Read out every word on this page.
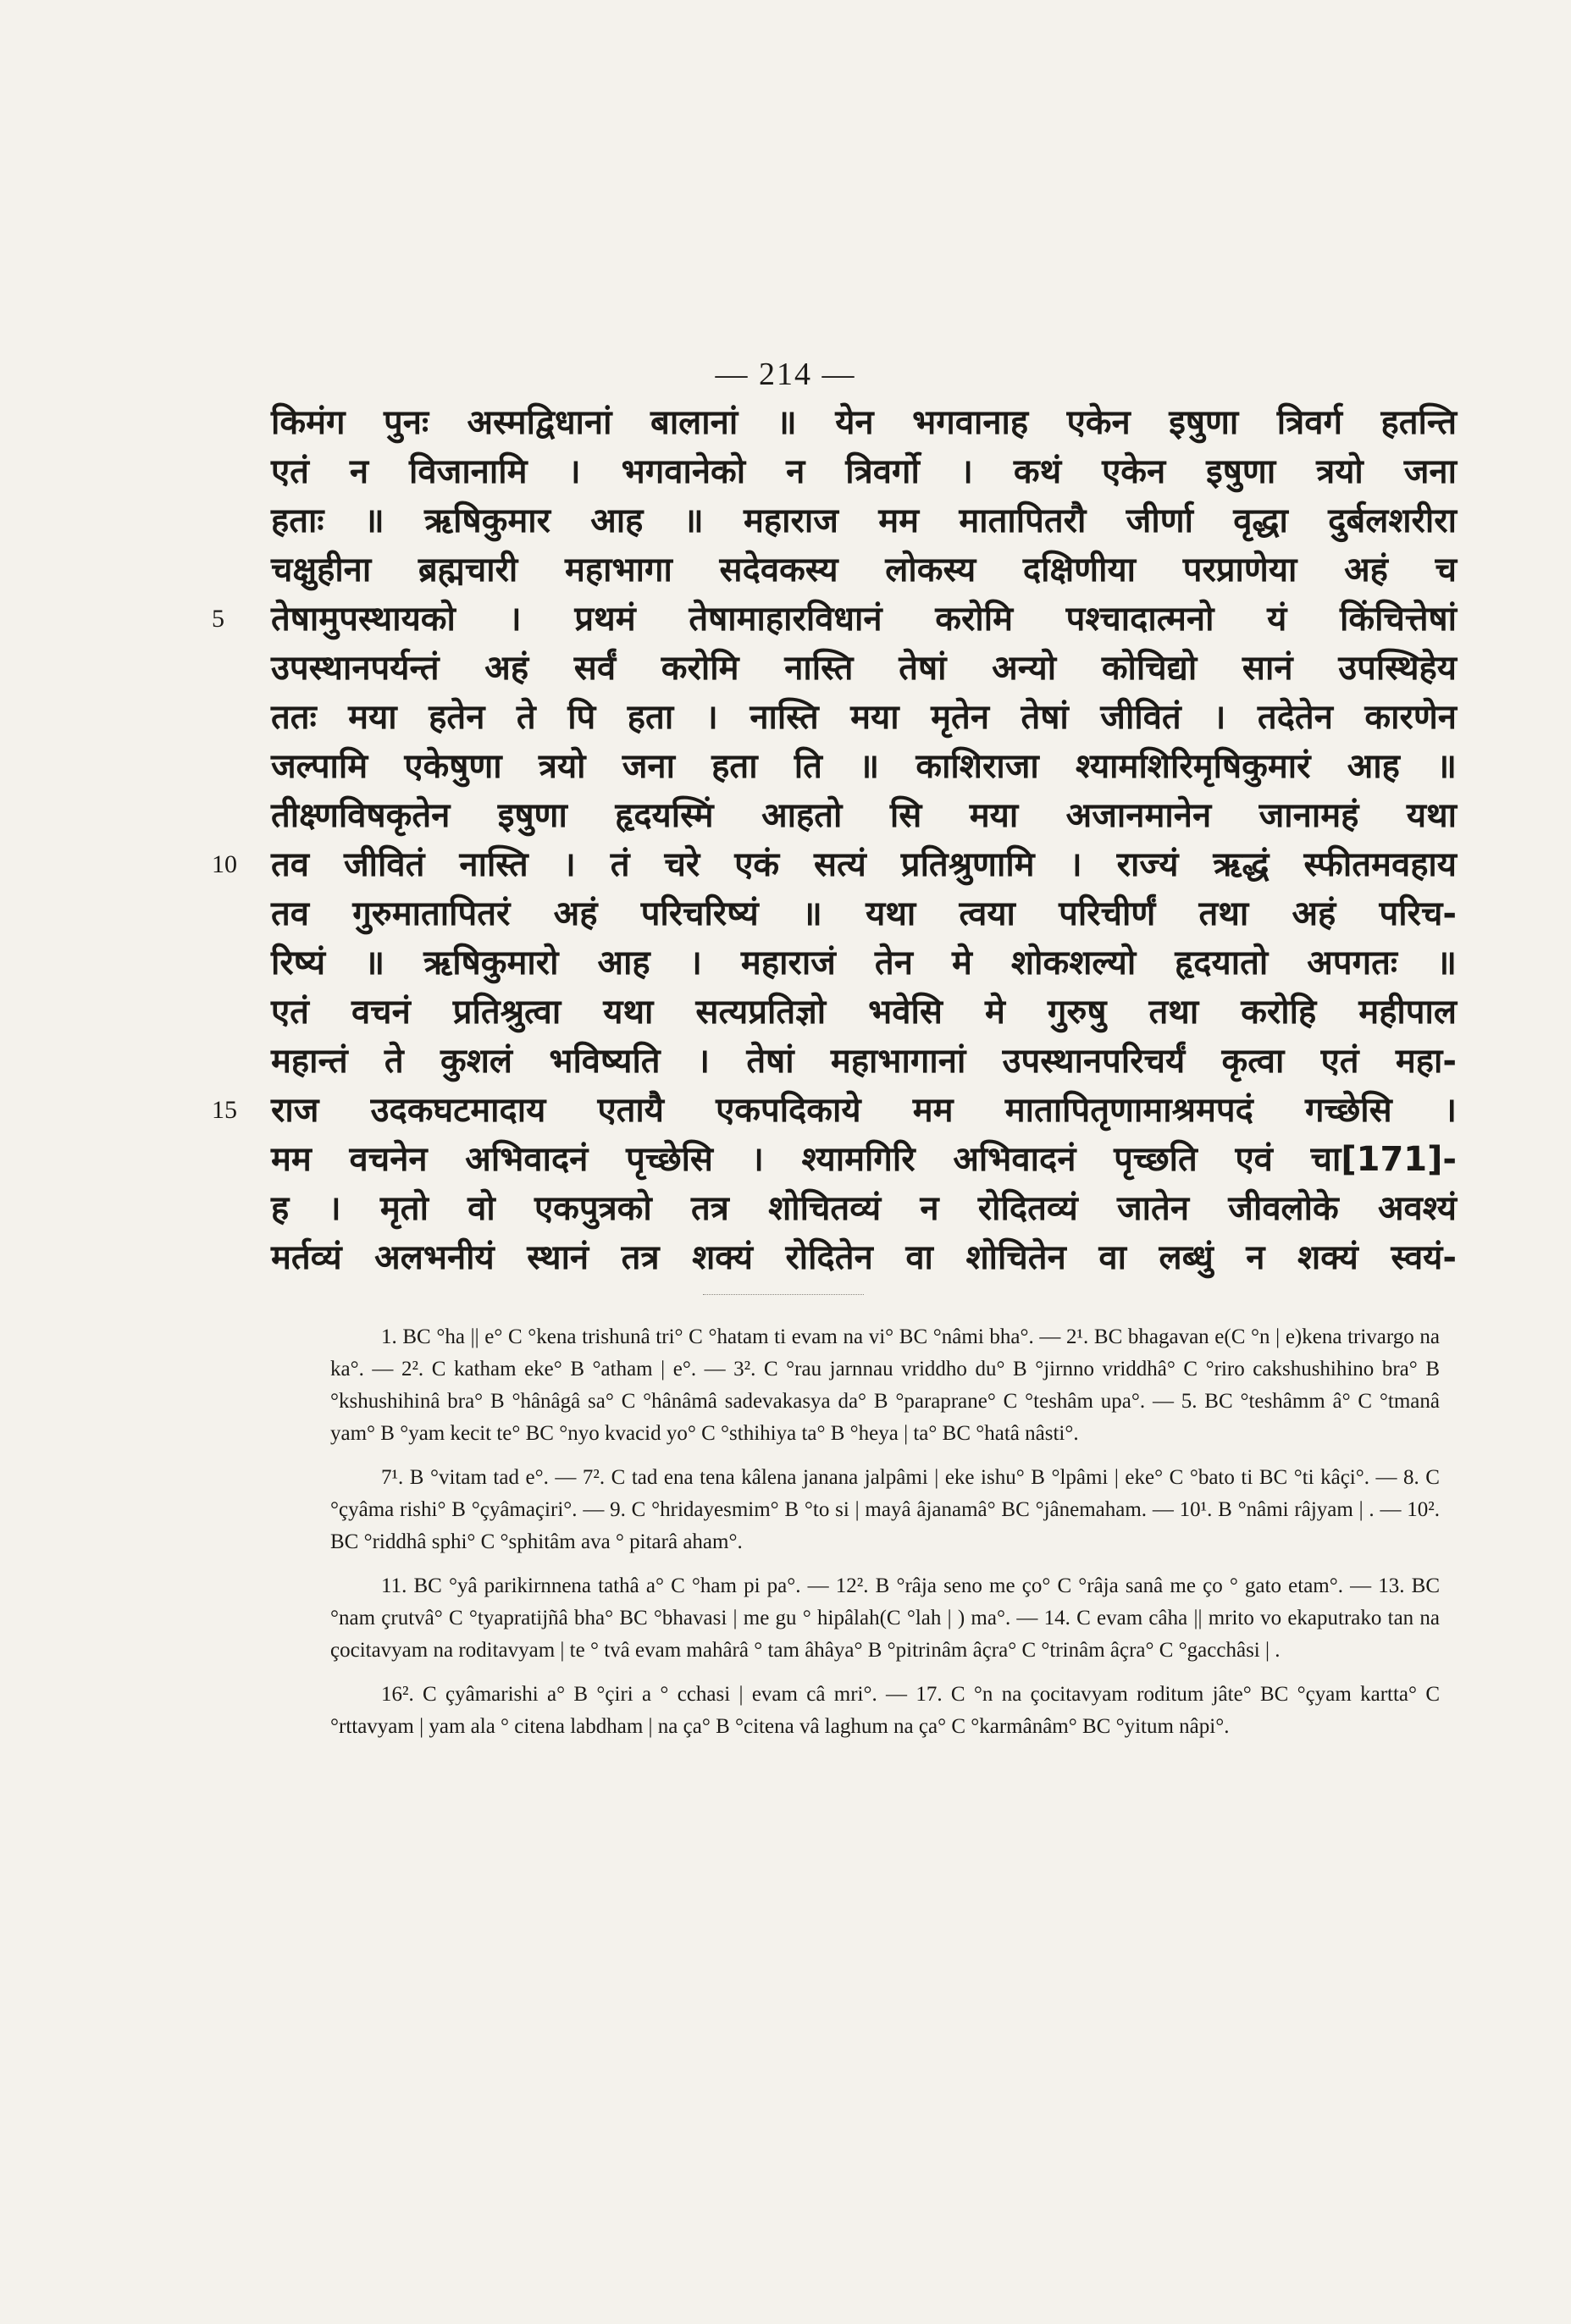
— 214 —
किमंग पुनः अस्मद्विधानां बालानां ॥ येन भगवानाह एकेन इषुणा त्रिवर्ग हतन्ति
एतं न विजानामि । भगवानेको न त्रिवर्गो । कथं एकेन इषुणा त्रयो जना
हताः ॥ ऋषिकुमार आह ॥ महाराज मम मातापितरौ जीर्णा वृद्धा दुर्बलशरीरा
चक्षुहीना ब्रह्मचारी महाभागा सदेवकस्य लोकस्य दक्षिणीया परप्राणेया अहं च
5	तेषामुपस्थायको । प्रथमं तेषामाहारविधानं करोमि पश्चादात्मनो यं किंचित्तेषां
उपस्थानपर्यन्तं अहं सर्वं करोमि नास्ति तेषां अन्यो कोचिद्यो सानं उपस्थिहेय
ततः मया हतेन ते पि हता । नास्ति मया मृतेन तेषां जीवितं । तदेतेन कारणेन
जल्पामि एकेषुणा त्रयो जना हता ति ॥ काशिराजा श्यामशिरिमृषिकुमारं आह ॥
तीक्ष्णविषकृतेन इषुणा हृदयस्मिं आहतो सि मया अजानमानेन जानामहं यथा
10	तव जीवितं नास्ति । तं चरे एकं सत्यं प्रतिश्रुणामि । राज्यं ऋद्धं स्फीतमवहाय
तव गुरुमातापितरं अहं परिचरिष्यं ॥ यथा त्वया परिचीर्णं तथा अहं परिच-
रिष्यं ॥ ऋषिकुमारो आह । महाराजं तेन मे शोकशल्यो हृदयातो अपगतः ॥
एतं वचनं प्रतिश्रुत्वा यथा सत्यप्रतिज्ञो भवेसि मे गुरुषु तथा करोहि महीपाल
महान्तं ते कुशलं भविष्यति । तेषां महाभागानां उपस्थानपरिचर्यं कृत्वा एतं महा-
15	राज उदकघटमादाय एतायेै एकपदिकाये मम मातापितृणामाश्रमपदं गच्छेसि ।
मम वचनेन अभिवादनं पृच्छेसि । श्यामगिरि अभिवादनं पृच्छति एवं चा[171]-
ह । मृतो वो एकपुत्रको तत्र शोचितव्यं न रोदितव्यं जातेन जीवलोके अवश्यं
मर्तव्यं अलभनीयं स्थानं तत्र शक्यं रोदितेन वा शोचितेन वा लब्धुं न शक्यं स्वयं-

1. BC °ha || e° C °kena trishunâ tri° C °hatam ti evam na vi° BC °nâmi bha°. — 2¹. BC bhagavan e(C °n | e)kena trivargo na ka°. — 2². C katham eke° B °atham | e°. — 3². C °rau jarnnau vriddho du° B °jirnno vriddhâ° C °riro cakshushihino bra° B °kshushihinâ bra° B °hânâgâ sa° C °hânâmâ sadevakasya da° B °paraprane° C °teshâm upa°. — 5. BC °teshâmm â° C °tmanâ yam° B °yam kecit te° BC °nyo kvacid yo° C °sthihiya ta° B °heya | ta° BC °hatâ nâsti°.

7¹. B °vitam tad e°. — 7². C tad ena tena kâlena janana jalpâmi | eke ishu° B °lpâmi | eke° C °bato ti BC °ti kâçi°. — 8. C °çyâma rishi° B °çyâmaçiri°. — 9. C °hridayesmim° B °to si | mayâ âjanamâ° BC °jânemaham. — 10¹. B °nâmi râjyam | . — 10². BC °riddhâ sphi° C °sphitâm ava ° pitarâ aham°.

11. BC °yâ parikirnnena tathâ a° C °ham pi pa°. — 12². B °râja seno me ço° C °râja sanâ me ço ° gato etam°. — 13. BC °nam çrutvâ° C °tyapratijñâ bha° BC °bhavasi | me gu ° hipâlah(C °lah | ) ma°. — 14. C evam câha || mrito vo ekaputrako tan na çocitavyam na roditavyam | te ° tvâ evam mahârâ ° tam âhâya° B °pitrinâm âçra° C °trinâm âçra° C °gacchâsi | .

16². C çyâmarishi a° B °çiri a ° cchasi | evam câ mri°. — 17. C °n na çocitavyam roditum jâte° BC °çyam kartta° C °rttavyam | yam ala ° citena labdham | na ça° B °citena vâ laghum na ça° C °karmânâm° BC °yitum nâpi°.
